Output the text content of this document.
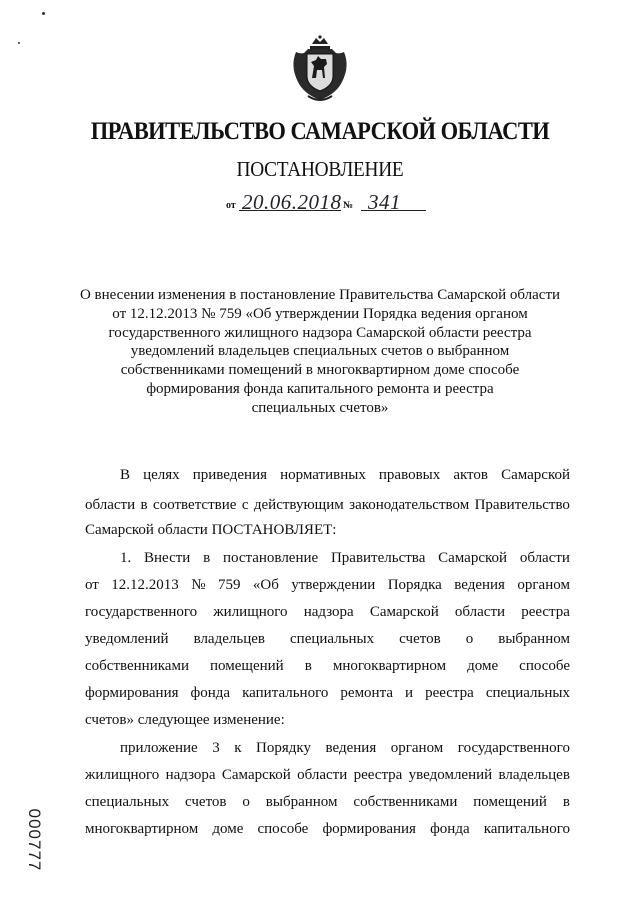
ПРАВИТЕЛЬСТВО САМАРСКОЙ ОБЛАСТИ
ПОСТАНОВЛЕНИЕ
от 20.06.2018 № 341
О внесении изменения в постановление Правительства Самарской области
от 12.12.2013 № 759 «Об утверждении Порядка ведения органом
государственного жилищного надзора Самарской области реестра
уведомлений владельцев специальных счетов о выбранном
собственниками помещений в многоквартирном доме способе
формирования фонда капитального ремонта и реестра
специальных счетов»
В целях приведения нормативных правовых актов Самарской
области в соответствие с действующим законодательством Правительство
Самарской области ПОСТАНОВЛЯЕТ:
1. Внести в постановление Правительства Самарской области
от 12.12.2013 № 759 «Об утверждении Порядка ведения органом
государственного жилищного надзора Самарской области реестра
уведомлений владельцев специальных счетов о выбранном
собственниками помещений в многоквартирном доме способе
формирования фонда капитального ремонта и реестра специальных
счетов» следующее изменение:
приложение 3 к Порядку ведения органом государственного
жилищного надзора Самарской области реестра уведомлений владельцев
специальных счетов о выбранном собственниками помещений в
многоквартирном доме способе формирования фонда капитального
000777
